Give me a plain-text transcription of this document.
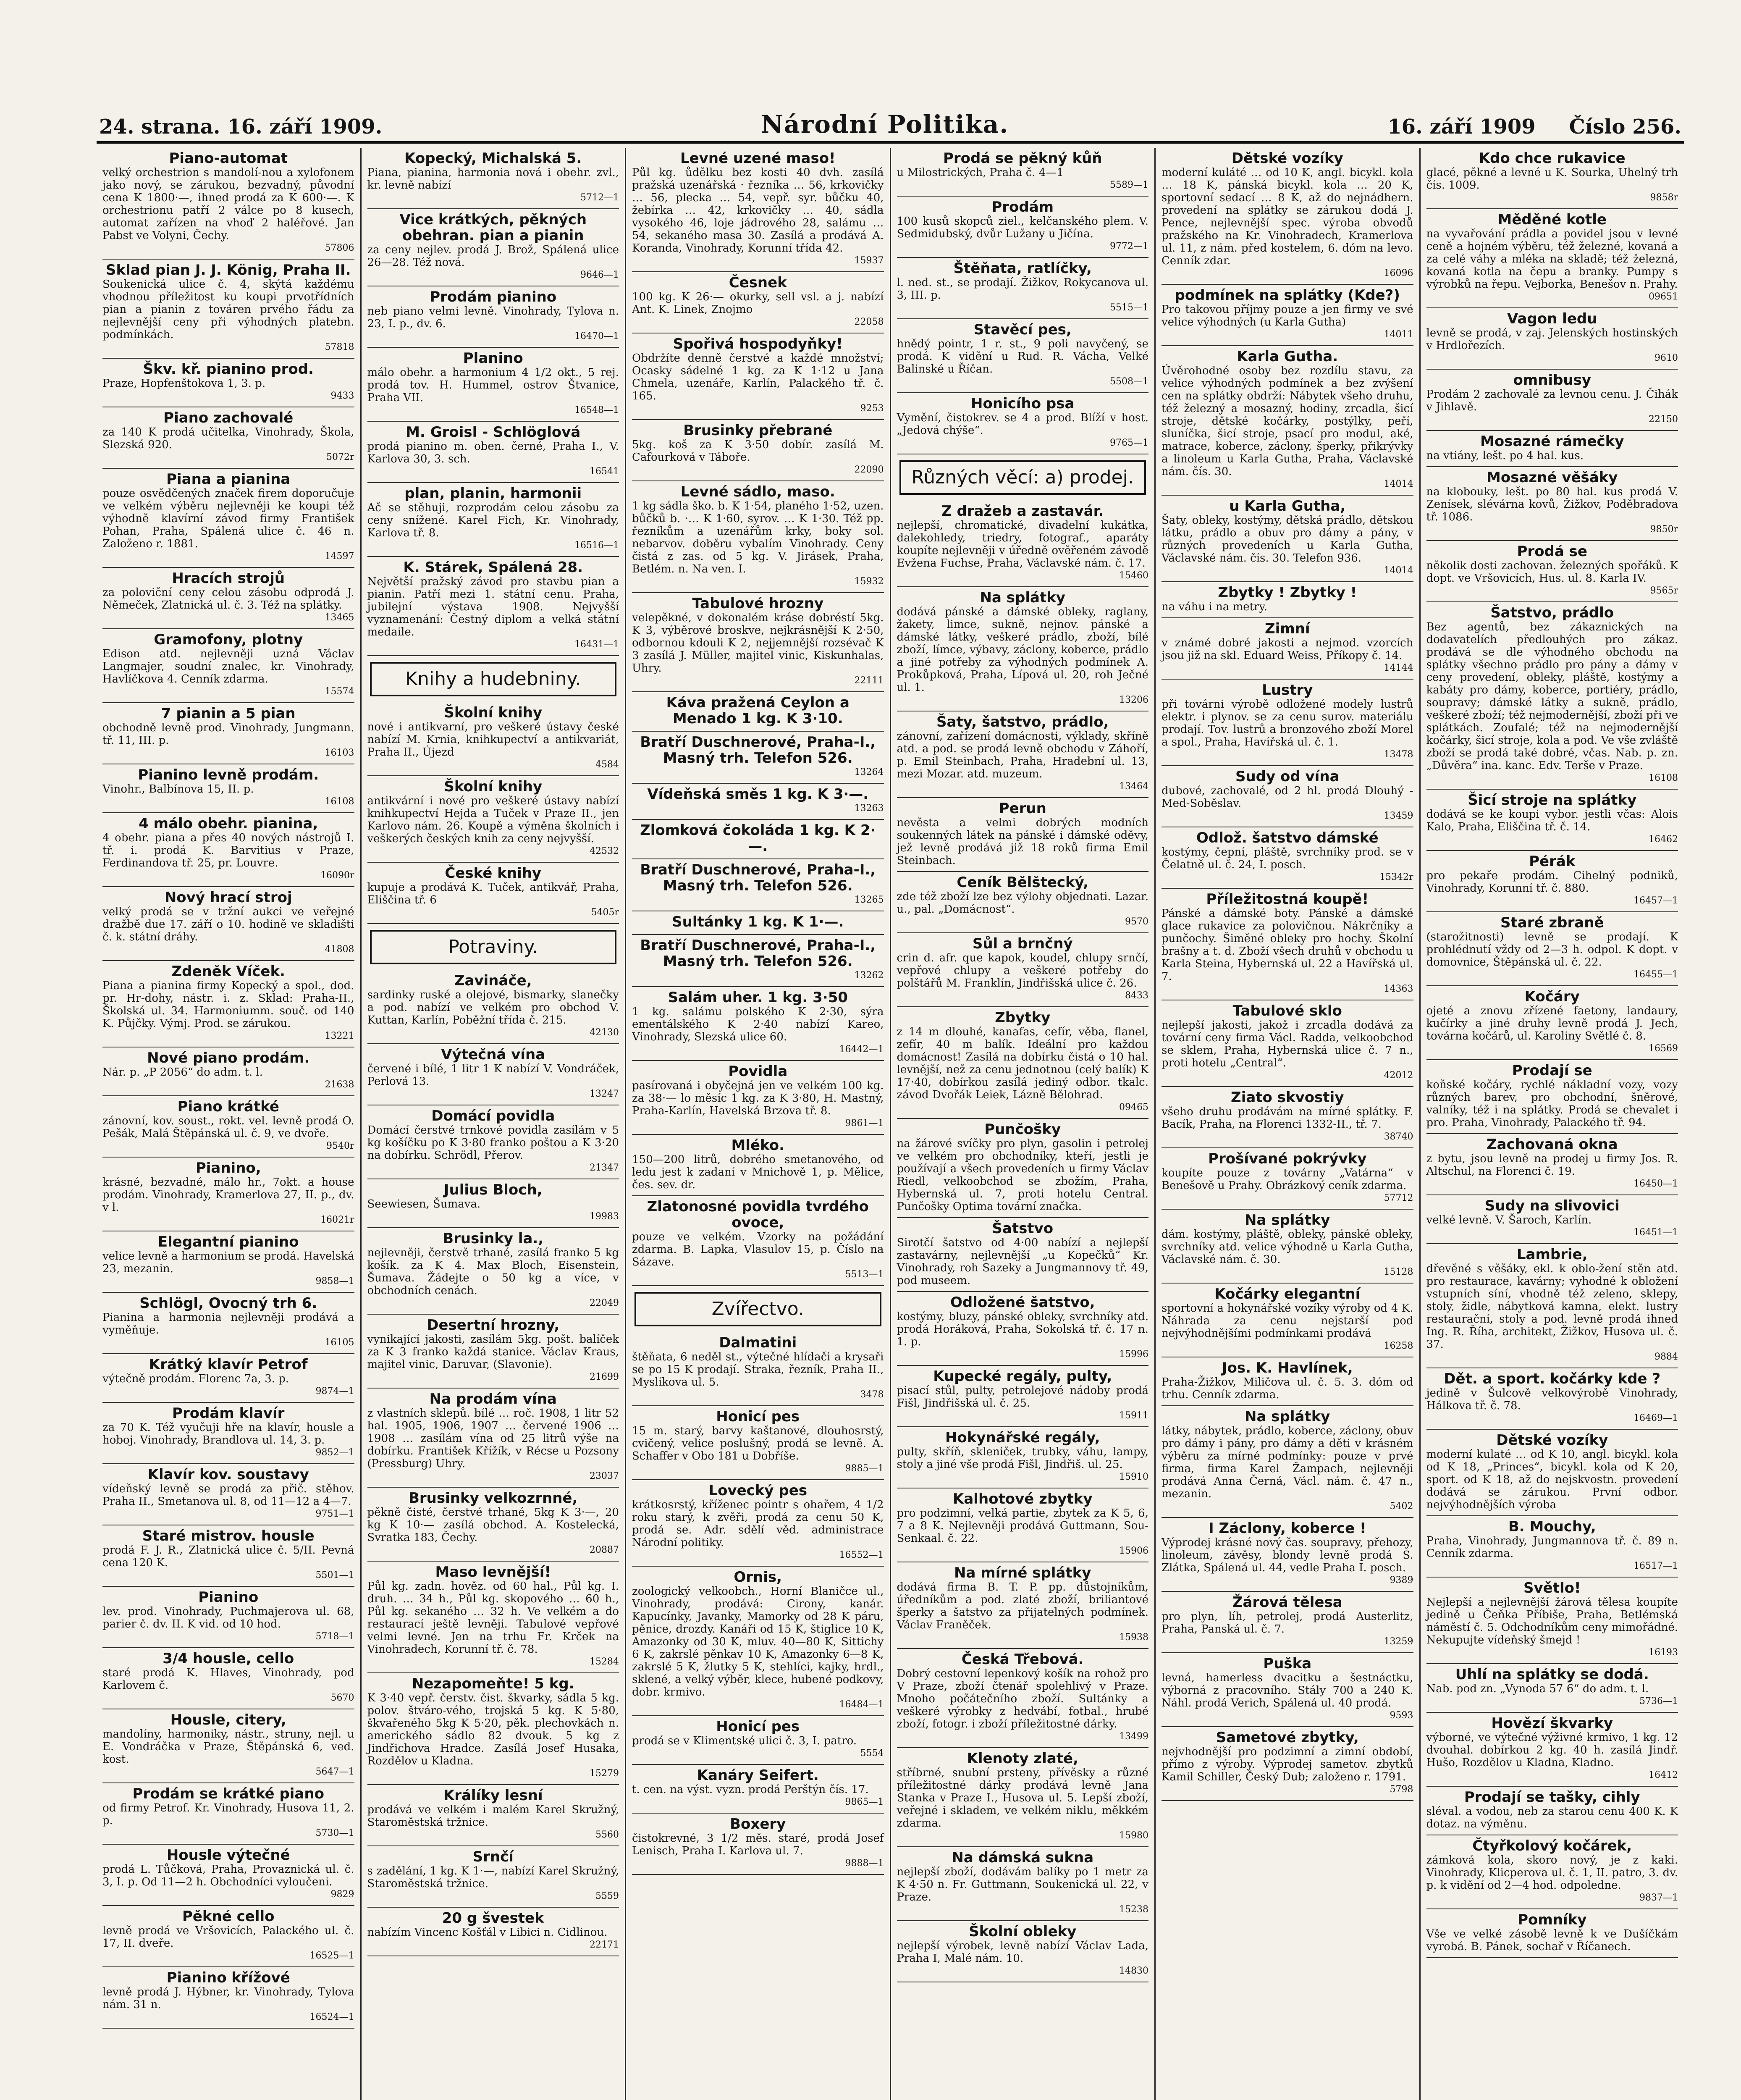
24. strana. 16. září 1909.	Národní Politika.	16. září 1909 Číslo 256.
Piano-automat
velký orchestrion s mandolí-nou a xylofonem jako nový, se zárukou, bezvadný, původní cena K 1800·—, ihned prodá za K 600·—. K orchestrionu patří 2 válce po 8 kusech, automat zařízen na vhoď 2 haléřové. Jan Pabst ve Volyni, Čechy.
57806
Sklad pian J. J. König, Praha II.
Soukenická ulice č. 4, skýtá každému vhodnou příležitost ku koupi prvotřídních pian a pianin z továren prvého řádu za nejlevnější ceny při výhodných platebn. podmínkách.
57818
Škv. kř. pianino prod.
Praze, Hopfenštokova 1, 3. p.
9433
Piano zachovalé
za 140 K prodá učitelka, Vinohrady, Škola, Slezská 920.
5072r
Piana a pianina
pouze osvědčených značek firem doporučuje ve velkém výběru nejlevněji ke koupi též výhodně klavírní závod firmy František Pohan, Praha, Spálená ulice č. 46 n. Založeno r. 1881.
14597
Hracích strojů
za poloviční ceny celou zásobu odprodá J. Němeček, Zlatnická ul. č. 3. Též na splátky.
13465
Gramofony, plotny
Edison atd. nejlevněji uzná Václav Langmajer, soudní znalec, kr. Vinohrady, Havlíčkova 4. Cenník zdarma.
15574
7 pianin a 5 pian
obchodně levně prod. Vinohrady, Jungmann. tř. 11, III. p.
16103
Pianino levně prodám.
Vinohr., Balbínova 15, II. p.
16108
4 málo obehr. pianina,
4 obehr. piana a přes 40 nových nástrojů I. tř. i. prodá K. Barvitius v Praze, Ferdinandova tř. 25, pr. Louvre.
16090r
Nový hrací stroj
velký prodá se v tržní aukci ve veřejné dražbě due 17. září o 10. hodině ve skladišti č. k. státní dráhy.
41808
Zdeněk Víček.
Piana a pianina firmy Kopecký a spol., dod. pr. Hr-dohy, nástr. i. z. Sklad: Praha-II., Školská ul. 34. Harmoniumm. souč. od 140 K. Půjčky. Výmj. Prod. se zárukou.
13221
Nové piano prodám.
Nár. p. „P 2056“ do adm. t. l.
21638
Piano krátké
zánovní, kov. soust., rokt. vel. levně prodá O. Pešák, Malá Štěpánská ul. č. 9, ve dvoře.
9540r
Pianino,
krásné, bezvadné, málo hr., 7okt. a house prodám. Vinohrady, Kramerlova 27, II. p., dv. v l.
16021r
Elegantní pianino
velice levně a harmonium se prodá. Havelská 23, mezanin.
9858—1
Schlögl, Ovocný trh 6.
Pianina a harmonia nejlevněji prodává a vyměňuje.
16105
Krátký klavír Petrof
výtečně prodám. Florenc 7a, 3. p.
9874—1
Prodám klavír
za 70 K. Též vyučuji hře na klavír, housle a hoboj. Vinohrady, Brandlova ul. 14, 3. p.
9852—1
Klavír kov. soustavy
vídeňský levně se prodá za přič. stěhov. Praha II., Smetanova ul. 8, od 11—12 a 4—7.
9751—1
Staré mistrov. housle
prodá F. J. R., Zlatnická ulice č. 5/II. Pevná cena 120 K.
5501—1
Pianino
lev. prod. Vinohrady, Puchmajerova ul. 68, parier č. dv. II. K vid. od 10 hod.
5718—1
3/4 housle, cello
staré prodá K. Hlaves, Vinohrady, pod Karlovem č.
5670
Housle, citery,
mandolíny, harmoniky, nástr., struny, nejl. u E. Vondráčka v Praze, Štěpánská 6, ved. kost.
5647—1
Prodám se krátké piano
od firmy Petrof. Kr. Vinohrady, Husova 11, 2. p.
5730—1
Housle výtečné
prodá L. Tůčková, Praha, Provaznická ul. č. 3, I. p. Od 11—2 h. Obchodníci vyloučeni.
9829
Pěkné cello
levně prodá ve Vršovicích, Palackého ul. č. 17, II. dveře.
16525—1
Pianino křížové
levně prodá J. Hýbner, kr. Vinohrady, Tylova nám. 31 n.
16524—1
Kopecký, Michalská 5.
Piana, pianina, harmonia nová i obehr. zvl., kr. levně nabízí
5712—1
Vice krátkých, pěkných obehran. pian a pianin
za ceny nejlev. prodá J. Brož, Spálená ulice 26—28. Též nová.
9646—1
Prodám pianino
neb piano velmi levně. Vinohrady, Tylova n. 23, I. p., dv. 6.
16470—1
Planino
málo obehr. a harmonium 4 1/2 okt., 5 rej. prodá tov. H. Hummel, ostrov Štvanice, Praha VII.
16548—1
M. Groisl - Schlöglová
prodá pianino m. oben. černé, Praha I., V. Karlova 30, 3. sch.
16541
plan, planin, harmonii
Ač se stěhuji, rozprodám celou zásobu za ceny snížené. Karel Fich, Kr. Vinohrady, Karlova tř. 8.
16516—1
K. Stárek, Spálená 28.
Největší pražský závod pro stavbu pian a pianin. Patří mezi 1. státní cenu. Praha, jubilejní výstava 1908. Nejvyšší vyznamenání: Čestný diplom a velká státní medaile.
16431—1
Knihy a hudebniny.
Školní knihy
nové i antikvarní, pro veškeré ústavy české nabízí M. Krnia, knihkupectví a antikvariát, Praha II., Újezd
4584
Školní knihy
antikvární i nové pro veškeré ústavy nabízí knihkupectví Hejda a Tuček v Praze II., jen Karlovo nám. 26. Koupě a výměna školních i veškerých českých knih za ceny nejvyšší.
42532
České knihy
kupuje a prodává K. Tuček, antikvář, Praha, Eliščina tř. 6
5405r
Potraviny.
Zavináče,
sardinky ruské a olejové, bismarky, slanečky a pod. nabízí ve velkém pro obchod V. Kuttan, Karlín, Poběžní třída č. 215.
42130
Výtečná vína
červené i bílé, 1 litr 1 K nabízí V. Vondráček, Perlová 13.
13247
Domácí povidla
Domácí čerstvé trnkové povidla zasílám v 5 kg košíčku po K 3·80 franko poštou a K 3·20 na dobírku. Schrödl, Přerov.
21347
Julius Bloch,
Seewiesen, Šumava.
19983
Brusinky la.,
nejlevněji, čerstvě trhané, zasílá franko 5 kg košík. za K 4. Max Bloch, Eisenstein, Šumava. Žádejte o 50 kg a více, v obchodních cenách.
22049
Desertní hrozny,
vynikající jakosti, zasílám 5kg. pošt. balíček za K 3 franko každá stanice. Václav Kraus, majitel vinic, Daruvar, (Slavonie).
21699
Na prodám vína
z vlastních sklepů. bílé … roč. 1908, 1 litr 52 hal. 1905, 1906, 1907 … červené 1906 … 1908 … zasílám vína od 25 litrů výše na dobírku. František Křížík, v Récse u Pozsony (Pressburg) Uhry.
23037
Brusinky velkozrnné,
pěkně čisté, čerstvé trhané, 5kg K 3·—, 20 kg K 10·— zasílá obchod. A. Kostelecká, Svratka 183, Čechy.
20887
Maso levnější!
Půl kg. zadn. hověz. od 60 hal., Půl kg. I. druh. … 34 h., Půl kg. skopového … 60 h., Půl kg. sekaného … 32 h. Ve velkém a do restaurací ještě levněji. Tabulové vepřové velmi levné. Jen na trhu Fr. Krček na Vinohradech, Korunní tř. č. 78.
15284
Nezapomeňte! 5 kg.
K 3·40 vepř. čerstv. čist. škvarky, sádla 5 kg. polov. štváro-vého, trojská 5 kg. K 5·80, škvařeného 5kg K 5·20, pěk. plechovkách n. amerického sádlo 82 dvouk. 5 kg z Jindřichova Hradce. Zasílá Josef Husaka, Rozdělov u Kladna.
15279
Králíky lesní
prodává ve velkém i malém Karel Skružný, Staroměstská tržnice.
5560
Srnčí
s zadělání, 1 kg. K 1·—, nabízí Karel Skružný, Staroměstská tržnice.
5559
20 g švestek
nabízím Vincenc Košťál v Libici n. Cidlinou.
22171
Levné uzené maso!
Půl kg. ůdělku bez kosti 40 dvh. zasílá pražská uzenářská · řezníka … 56, krkovičky … 56, plecka … 54, vepř. syr. bůčku 40, žebírka … 42, krkovičky … 40, sádla vysokého 46, loje jádrového 28, salámu … 54, sekaného masa 30. Zasílá a prodává A. Koranda, Vinohrady, Korunní třída 42.
15937
Česnek
100 kg. K 26·— okurky, sell vsl. a j. nabízí Ant. K. Linek, Znojmo
22058
Spořivá hospodyňky!
Obdržíte denně čerstvé a každé množství; Ocasky sádelné 1 kg. za K 1·12 u Jana Chmela, uzenáře, Karlín, Palackého tř. č. 165.
9253
Brusinky přebrané
5kg. koš za K 3·50 dobír. zasílá M. Cafourková v Táboře.
22090
Levné sádlo, maso.
1 kg sádla ško. b. K 1·54, planého 1·52, uzen. bůčků b. ·… K 1·60, syrov. … K 1·30. Též pp. řezníkům a uzenářům krky, boky sol. nebarvov. doběru vybalím Vinohrady. Ceny čistá z zas. od 5 kg. V. Jirásek, Praha, Betlém. n. Na ven. I.
15932
Tabulové hrozny
velepěkné, v dokonalém kráse dobréstí 5kg. K 3, výběrové broskve, nejkrásnější K 2·50, odbornou kdouli K 2, nejjemnější rozsévač K 3 zasílá J. Müller, majitel vinic, Kiskunhalas, Uhry.
22111
Káva pražená Ceylon a Menado 1 kg. K 3·10.
Bratří Duschnerové, Praha-I., Masný trh. Telefon 526.
13264
Vídeňská směs 1 kg. K 3·—.
13263
Zlomková čokoláda 1 kg. K 2·—.
Bratří Duschnerové, Praha-I., Masný trh. Telefon 526.
13265
Sultánky 1 kg. K 1·—.
Bratří Duschnerové, Praha-I., Masný trh. Telefon 526.
13262
Salám uher. 1 kg. 3·50
1 kg. salámu polského K 2·30, sýra ementálského K 2·40 nabízí Kareo, Vinohrady, Slezská ulice 60.
16442—1
Povidla
pasírovaná i obyčejná jen ve velkém 100 kg. za 38·— lo měsíc 1 kg. za K 3·80, H. Mastný, Praha-Karlín, Havelská Brzova tř. 8.
9861—1
Mléko.
150—200 litrů, dobrého smetanového, od ledu jest k zadaní v Mnichově 1, p. Mělice, čes. sev. dr.
Zlatonosné povidla tvrdého ovoce,
pouze ve velkém. Vzorky na požádání zdarma. B. Lapka, Vlasulov 15, p. Číslo na Sázave.
5513—1
Zvířectvo.
Dalmatini
štěňata, 6 neděl st., výtečné hlídači a krysaři se po 15 K prodají. Straka, řezník, Praha II., Myslíkova ul. 5.
3478
Honicí pes
15 m. starý, barvy kaštanové, dlouhosrstý, cvičený, velice poslušný, prodá se levně. A. Schaffer v Obo 181 u Dobříše.
9885—1
Lovecký pes
krátkosrstý, kříženec pointr s ohařem, 4 1/2 roku starý, k zvěři, prodá za cenu 50 K, prodá se. Adr. sdělí věd. administrace Národní politiky.
16552—1
Ornis,
zoologický velkoobch., Horní Blaničce ul., Vinohrady, prodává: Cirony, kanár. Kapucínky, Javanky, Mamorky od 28 K páru, pěnice, drozdy. Kanáři od 15 K, štiglice 10 K, Amazonky od 30 K, mluv. 40—80 K, Sittichy 6 K, zakrslé pěnkav 10 K, Amazonky 6—8 K, zakrslé 5 K, žlutky 5 K, stehlíci, kajky, hrdl., sklené, a velký výběr, klece, hubené podkovy, dobr. krmivo.
16484—1
Honicí pes
prodá se v Klimentské ulici č. 3, I. patro.
5554
Kanáry Seifert.
t. cen. na výst. vyzn. prodá Perštýn čís. 17.
9865—1
Boxery
čistokrevné, 3 1/2 měs. staré, prodá Josef Lenisch, Praha I. Karlova ul. 7.
9888—1
Prodá se pěkný kůň
u Milostrických, Praha č. 4—1
5589—1
Prodám
100 kusů skopců ziel., kelčanského plem. V. Sedmidubský, dvůr Lužany u Jičína.
9772—1
Štěňata, ratlíčky,
l. ned. st., se prodají. Žižkov, Rokycanova ul. 3, III. p.
5515—1
Stavěcí pes,
hnědý pointr, 1 r. st., 9 poli navyčený, se prodá. K vidění u Rud. R. Vácha, Velké Balinské u Říčan.
5508—1
Honicího psa
Vymění, čistokrev. se 4 a prod. Blíží v host. „Jedová chýše“.
9765—1
Různých věcí: a) prodej.
Z dražeb a zastavár.
nejlepší, chromatické, divadelní kukátka, dalekohledy, triedry, fotograf., aparáty koupíte nejlevněji v úředně ověřeném závodě Evžena Fuchse, Praha, Václavské nám. č. 17.
15460
Na splátky
dodává pánské a dámské obleky, raglany, žakety, limce, sukně, nejnov. pánské a dámské látky, veškeré prádlo, zboží, bílé zboží, límce, výbavy, záclony, koberce, prádlo a jiné potřeby za výhodných podmínek A. Prokůpková, Praha, Lípová ul. 20, roh Ječné ul. 1.
13206
Šaty, šatstvo, prádlo,
zánovní, zařízení domácnosti, výklady, skříně atd. a pod. se prodá levně obchodu v Záhoří, p. Emil Steinbach, Praha, Hradební ul. 13, mezi Mozar. atd. muzeum.
13464
Perun
nevěsta a velmi dobrých modních soukenných látek na pánské i dámské oděvy, jež levně prodává již 18 roků firma Emil Steinbach.
Ceník Bělštecký,
zde též zboží lze bez výlohy objednati. Lazar. u., pal. „Domácnost“.
9570
Sůl a brnčný
crin d. afr. que kapok, koudel, chlupy srnčí, vepřové chlupy a veškeré potřeby do polštářů M. Franklín, Jindřišská ulice č. 26.
8433
Zbytky
z 14 m dlouhé, kanafas, cefír, věba, flanel, zefír, 40 m balík. Ideální pro každou domácnost! Zasílá na dobírku čistá o 10 hal. levnější, než za cenu jednotnou (celý balík) K 17·40, dobírkou zasílá jediný odbor. tkalc. závod Dvořák Leiek, Lázně Bělohrad.
09465
Punčošky
na žárové svíčky pro plyn, gasolin i petrolej ve velkém pro obchodníky, kteří, jestli je používají a všech provedeních u firmy Václav Riedl, velkoobchod se zbožím, Praha, Hybernská ul. 7, proti hotelu Central. Punčošky Optima tovární značka.
Šatstvo
Sirotčí šatstvo od 4·00 nabízí a nejlepší zastavárny, nejlevnější „u Kopečků“ Kr. Vinohrady, roh Sazeky a Jungmannovy tř. 49, pod museem.
Odložené šatstvo,
kostýmy, bluzy, pánské obleky, svrchníky atd. prodá Horáková, Praha, Sokolská tř. č. 17 n. 1. p.
15996
Kupecké regály, pulty,
pisací stůl, pulty, petrolejové nádoby prodá Fišl, Jindřišská ul. č. 25.
15911
Hokynářské regály,
pulty, skříň, skleniček, trubky, váhu, lampy, stoly a jiné vše prodá Fišl, Jindřiš. ul. 25.
15910
Kalhotové zbytky
pro podzimní, velká partie, zbytek za K 5, 6, 7 a 8 K. Nejlevněji prodává Guttmann, Sou-Senkaal. č. 22.
15906
Na mírné splátky
dodává firma B. T. P. pp. důstojníkům, úředníkům a pod. zlaté zboží, briliantové šperky a šatstvo za přijatelných podmínek. Václav Franěček.
15938
Česká Třebová.
Dobrý cestovní lepenkový košík na rohož pro V Praze, zboží čtenář spolehlivý v Praze. Mnoho počátečního zboží. Sultánky a veškeré výrobky z hedvábí, fotbal., hrubé zboží, fotogr. i zboží příležitostné dárky.
13499
Klenoty zlaté,
stříbrné, snubní prsteny, přívěsky a různé příležitostné dárky prodává levně Jana Stanka v Praze I., Husova ul. 5. Lepší zboží, veřejné i skladem, ve velkém niklu, měkkém zdarma.
15980
Na dámská sukna
nejlepší zboží, dodávám balíky po 1 metr za K 4·50 n. Fr. Guttmann, Soukenická ul. 22, v Praze.
15238
Školní obleky
nejlepší výrobek, levně nabízí Václav Lada, Praha I, Malé nám. 10.
14830
Dětské vozíky
moderní kuláté … od 10 K, angl. bicykl. kola … 18 K, pánská bicykl. kola … 20 K, sportovní sedací … 8 K, až do nejnádhern. provedení na splátky se zárukou dodá J. Pence, nejlevnější spec. výroba obvodů pražského na Kr. Vinohradech, Kramerlova ul. 11, z nám. před kostelem, 6. dóm na levo. Cenník zdar.
16096
podmínek na splátky (Kde?)
Pro takovou příjmy pouze a jen firmy ve své velice výhodných (u Karla Gutha)
14011
Karla Gutha.
Úvěrohodné osoby bez rozdílu stavu, za velice výhodných podmínek a bez zvýšení cen na splátky obdrží: Nábytek všeho druhu, též železný a mosazný, hodiny, zrcadla, šicí stroje, dětské kočárky, postýlky, peří, sluníčka, šicí stroje, psací pro modul, aké, matrace, koberce, záclony, šperky, přikrývky a linoleum u Karla Gutha, Praha, Václavské nám. čís. 30.
14014
u Karla Gutha,
Šaty, obleky, kostýmy, dětská prádlo, dětskou látku, prádlo a obuv pro dámy a pány, v různých provedeních u Karla Gutha, Václavské nám. čís. 30. Telefon 936.
14014
Zbytky ! Zbytky !
na váhu i na metry.
Zimní
v známé dobré jakosti a nejmod. vzorcích jsou již na skl. Eduard Weiss, Příkopy č. 14.
14144
Lustry
při továrni výrobě odložené modely lustrů elektr. i plynov. se za cenu surov. materiálu prodají. Tov. lustrů a bronzového zboží Morel a spol., Praha, Havířská ul. č. 1.
13478
Sudy od vína
dubové, zachovalé, od 2 hl. prodá Dlouhý - Med-Soběslav.
13459
Odlož. šatstvo dámské
kostýmy, čepní, pláště, svrchníky prod. se v Čelatně ul. č. 24, I. posch.
15342r
Příležitostná koupě!
Pánské a dámské boty. Pánské a dámské glace rukavice za polovičnou. Nákrčníky a punčochy. Šiměné obleky pro hochy. Školní brašny a t. d. Zboží všech druhů v obchodu u Karla Steina, Hybernská ul. 22 a Havířská ul. 7.
14363
Tabulové sklo
nejlepší jakosti, jakož i zrcadla dodává za tovární ceny firma Václ. Radda, velkoobchod se sklem, Praha, Hybernská ulice č. 7 n., proti hotelu „Central“.
42012
Ziato skvostiy
všeho druhu prodávám na mírné splátky. F. Bacík, Praha, na Florenci 1332-II., tř. 7.
38740
Prošívané pokrývky
koupíte pouze z továrny „Vatárna“ v Benešově u Prahy. Obrázkový ceník zdarma.
57712
Na splátky
dám. kostýmy, pláště, obleky, pánské obleky, svrchníky atd. velice výhodně u Karla Gutha, Václavské nám. č. 30.
15128
Kočárky elegantní
sportovní a hokynářské vozíky výroby od 4 K. Náhrada za cenu nejstarší pod nejvýhodnějšími podmínkami prodává
16258
Jos. K. Havlínek,
Praha-Žižkov, Miličova ul. č. 5. 3. dóm od trhu. Cenník zdarma.
Na splátky
látky, nábytek, prádlo, koberce, záclony, obuv pro dámy i pány, pro dámy a děti v krásném výběru za mírné podmínky: pouze v prvé firma, firma Karel Žampach, nejlevněji prodává Anna Černá, Václ. nám. č. 47 n., mezanin.
5402
I Záclony, koberce !
Výprodej krásné nový čas. soupravy, přehozy, linoleum, závěsy, blondy levně prodá S. Zlátka, Spálená ul. 44, vedle Praha I. posch.
9389
Žárová tělesa
pro plyn, líh, petrolej, prodá Austerlitz, Praha, Panská ul. č. 7.
13259
Puška
levná, hamerless dvacitku a šestnáctku, výborná z pracovního. Stály 700 a 240 K. Náhl. prodá Verich, Spálená ul. 40 prodá.
9593
Sametové zbytky,
nejvhodnější pro podzimní a zimní období, přímo z výroby. Výprodej sametov. zbytků Kamil Schiller, Český Dub; založeno r. 1791.
5798
Kdo chce rukavice
glacé, pěkné a levné u K. Sourka, Uhelný trh čís. 1009.
9858r
Měděné kotle
na vyvařování prádla a povidel jsou v levné ceně a hojném výběru, též železné, kovaná a za celé váhy a mléka na skladě; též železná, kovaná kotla na čepu a branky. Pumpy s výrobků na řepu. Vejborka, Benešov n. Prahy.
09651
Vagon ledu
levně se prodá, v zaj. Jelenských hostinských v Hrdlořezích.
9610
omnibusy
Prodám 2 zachovalé za levnou cenu. J. Čihák v Jihlavě.
22150
Mosazné rámečky
na vtiány, lešt. po 4 hal. kus.
Mosazné věšáky
na klobouky, lešt. po 80 hal. kus prodá V. Zenísek, slévárna kovů, Žižkov, Poděbradova tř. 1086.
9850r
Prodá se
několik dosti zachovan. železných spořáků. K dopt. ve Vršovicích, Hus. ul. 8. Karla IV.
9565r
Šatstvo, prádlo
Bez agentů, bez zákaznických na dodavatelích předlouhých pro zákaz. prodává se dle výhodného obchodu na splátky všechno prádlo pro pány a dámy v ceny provedení, obleky, pláště, kostýmy a kabáty pro dámy, koberce, portiéry, prádlo, soupravy; dámské látky a sukně, prádlo, veškeré zboží; též nejmodernější, zboží při ve splátkách. Zoufalé; též na nejmodernější kočárky, šicí stroje, kola a pod. Ve vše zvláště zboží se prodá také dobré, včas. Nab. p. zn. „Důvěra“ ina. kanc. Edv. Terše v Praze.
16108
Šicí stroje na splátky
dodává se ke koupi vybor. jestli včas: Alois Kalo, Praha, Eliščina tř. č. 14.
16462
Pérák
pro pekaře prodám. Cihelný podniků, Vinohrady, Korunní tř. č. 880.
16457—1
Staré zbraně
(starožitnosti) levně se prodají. K prohlédnutí vždy od 2—3 h. odpol. K dopt. v domovnice, Štěpánská ul. č. 22.
16455—1
Kočáry
ojeté a znovu zřízené faetony, landaury, kučírky a jiné druhy levně prodá J. Jech, továrna kočárů, ul. Karoliny Světlé č. 8.
16569
Prodají se
koňské kočáry, rychlé nákladní vozy, vozy různých barev, pro obchodní, šněrové, valníky, též i na splátky. Prodá se chevalet i pro. Praha, Vinohrady, Palackého tř. 94.
Zachovaná okna
z bytu, jsou levně na prodej u firmy Jos. R. Altschul, na Florenci č. 19.
16450—1
Sudy na slivovici
velké levně. V. Šaroch, Karlín.
16451—1
Lambrie,
dřevěné s věšáky, ekl. k oblo-žení stěn atd. pro restaurace, kavárny; vyhodné k obložení vstupních síní, vhodně též zeleno, sklepy, stoly, židle, nábytková kamna, elekt. lustry restaurační, stoly a pod. levně prodá ihned Ing. R. Říha, architekt, Žižkov, Husova ul. č. 37.
9884
Dět. a sport. kočárky kde ?
jedině v Šulcově velkovýrobě Vinohrady, Hálkova tř. č. 78.
16469—1
Dětské vozíky
moderní kulaté … od K 10, angl. bicykl. kola od K 18, „Princes“, bicykl. kola od K 20, sport. od K 18, až do nejskvostn. provedení dodává se zárukou. První odbor. nejvýhodnějších výroba
B. Mouchy,
Praha, Vinohrady, Jungmannova tř. č. 89 n. Cenník zdarma.
16517—1
Světlo!
Nejlepší a nejlevnější žárová tělesa koupíte jedině u Čeňka Příbiše, Praha, Betlémská náměstí č. 5. Odchodníkům ceny mimořádné. Nekupujte vídeňský šmejd !
16193
Uhlí na splátky se dodá.
Nab. pod zn. „Vynoda 57 6“ do adm. t. l.
5736—1
Hovězí škvarky
výborné, ve výtečné výživné krmivo, 1 kg. 12 dvouhal. dobírkou 2 kg. 40 h. zasílá Jindř. Hušo, Rozdělov u Kladna, Kladno.
16412
Prodají se tašky, cihly
sléval. a vodou, neb za starou cenu 400 K. K dotaz. na výměnu.
Čtyřkolový kočárek,
zámková kola, skoro nový, je z kaki. Vinohrady, Klicperova ul. č. 1, II. patro, 3. dv. p. k vidění od 2—4 hod. odpoledne.
9837—1
Pomníky
Vše ve velké zásobě levně k ve Dušíčkám vyrobá. B. Pánek, sochař v Říčanech.
